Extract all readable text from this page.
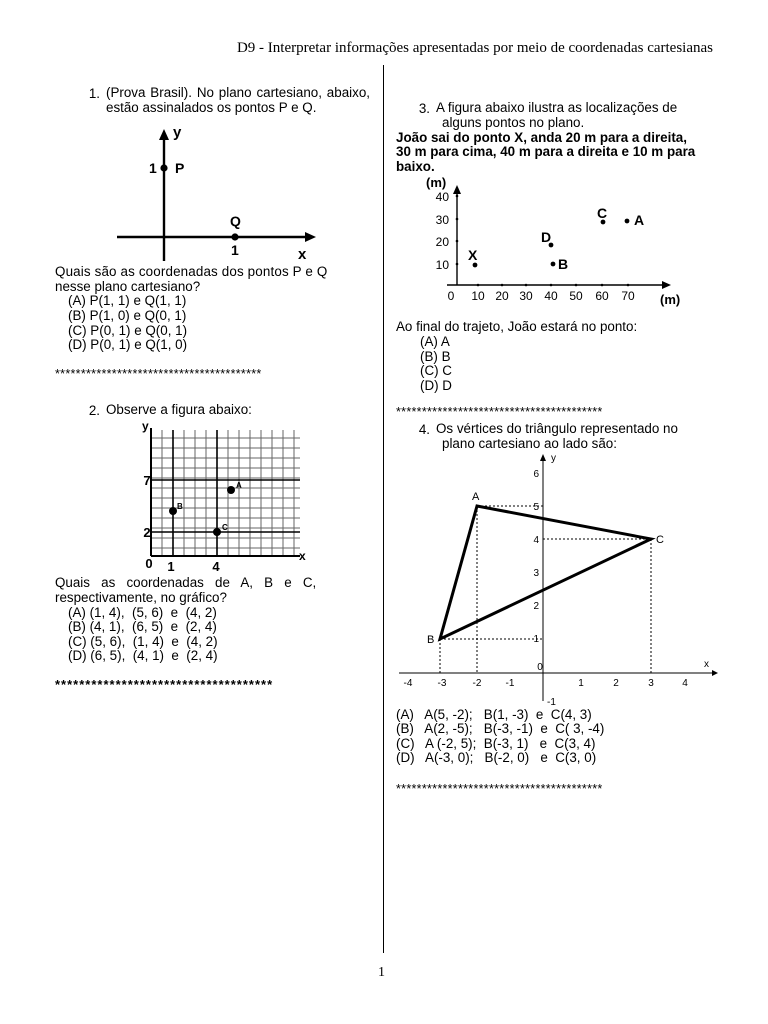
D9 - Interpretar informações apresentadas por meio de coordenadas cartesianas
1. (Prova Brasil). No plano cartesiano, abaixo, estão assinalados os pontos P e Q.
y
x
1 P
Q
1
Quais são as coordenadas dos pontos P e Q
nesse plano cartesiano?
(A) P(1, 1) e Q(1, 1)
(B) P(1, 0) e Q(0, 1)
(C) P(0, 1) e Q(0, 1)
(D) P(0, 1) e Q(1, 0)
****************************************
2. Observe a figura abaixo:
y
x
7
2
0 1	4
B
A
C
Quais   as   coordenadas   de   A,   B   e   C,
respectivamente, no gráfico?
(A) (1, 4),  (5, 6)  e  (4, 2)
(B) (4, 1),  (6, 5)  e  (2, 4)
(C) (5, 6),  (1, 4)  e  (4, 2)
(D) (6, 5),  (4, 1)  e  (2, 4)
************************************
3. A figura abaixo ilustra as localizações de
alguns pontos no plano.
João sai do ponto X, anda 20 m para a direita,
30 m para cima, 40 m para a direita e 10 m para
baixo.
(m)
10
20
30
40
0 10 20 30 40 50 60 70 (m)
X
D
B
C A
Ao final do trajeto, João estará no ponto:
(A) A
(B) B
(C) C
(D) D
****************************************
4. Os vértices do triângulo representado no
plano cartesiano ao lado são:
y
x
-4	-3	-2 -1
0
1	2	3	4
1
2
3
4
5
6
-1
A
B
C
(A)   A(5, -2);   B(1, -3)  e  C(4, 3)
(B)   A(2, -5);   B(-3, -1)  e  C( 3, -4)
(C)   A (-2, 5);  B(-3, 1)   e  C(3, 4)
(D)   A(-3, 0);   B(-2, 0)   e  C(3, 0)
****************************************
1
